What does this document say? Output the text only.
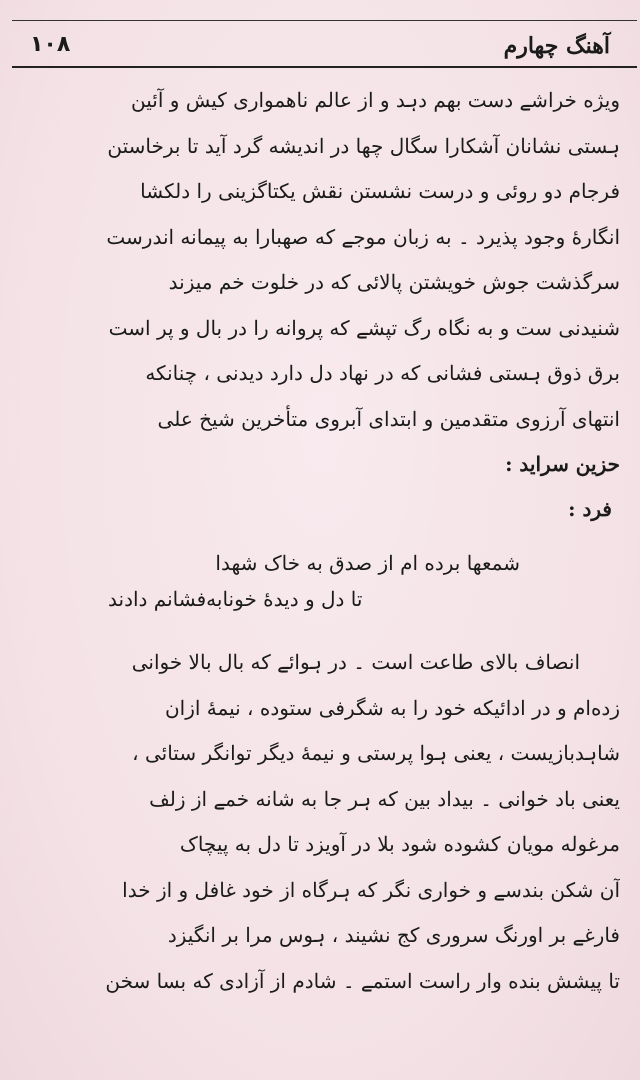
آهنگ چهارم
۱۰۸
ویژه خراشے دست بهم دہد و از عالم ناهمواری کیش و آئین
ہستی نشانان آشکارا سگال چها در اندیشه گرد آید تا برخاستن
فرجام دو روئی و درست نشستن نقش یکتاگزینی را دلکشا
انگارهٔ وجود پذیرد ۔ به زبان موجے که صهبارا به پیمانه اندرست
سرگذشت جوش خویشتن پالائی که در خلوت خم میزند
شنیدنی ست و به نگاه رگ تپشے که پروانه را در بال و پر است
برق ذوق ہستی فشانی که در نهاد دل دارد دیدنی ، چنانکه
انتهای آرزوی متقدمین و ابتدای آبروی متأخرین شیخ علی
حزین سراید :
فرد :
شمعها برده ام از صدق به خاک شهدا
تا دل و دیدهٔ خونابه‌فشانم دادند
انصاف بالای طاعت است ۔ در ہوائے که بال بالا خوانی
زده‌ام و در ادائیکه خود را به شگرفی ستوده ، نیمهٔ ازان
شاہدبازیست ، یعنی ہوا پرستی و نیمهٔ دیگر توانگر ستائی ،
یعنی باد خوانی ۔ بیداد بین که ہر جا به شانه خمے از زلف
مرغوله مویان کشوده شود بلا در آویزد تا دل به پیچاک
آن شکن بندسے و خواری نگر که ہرگاه از خود غافل و از خدا
فارغے بر اورنگ سروری کج نشیند ، ہوس مرا بر انگیزد
تا پیشش بنده وار راست استمے ۔ شادم از آزادی که بسا سخن
